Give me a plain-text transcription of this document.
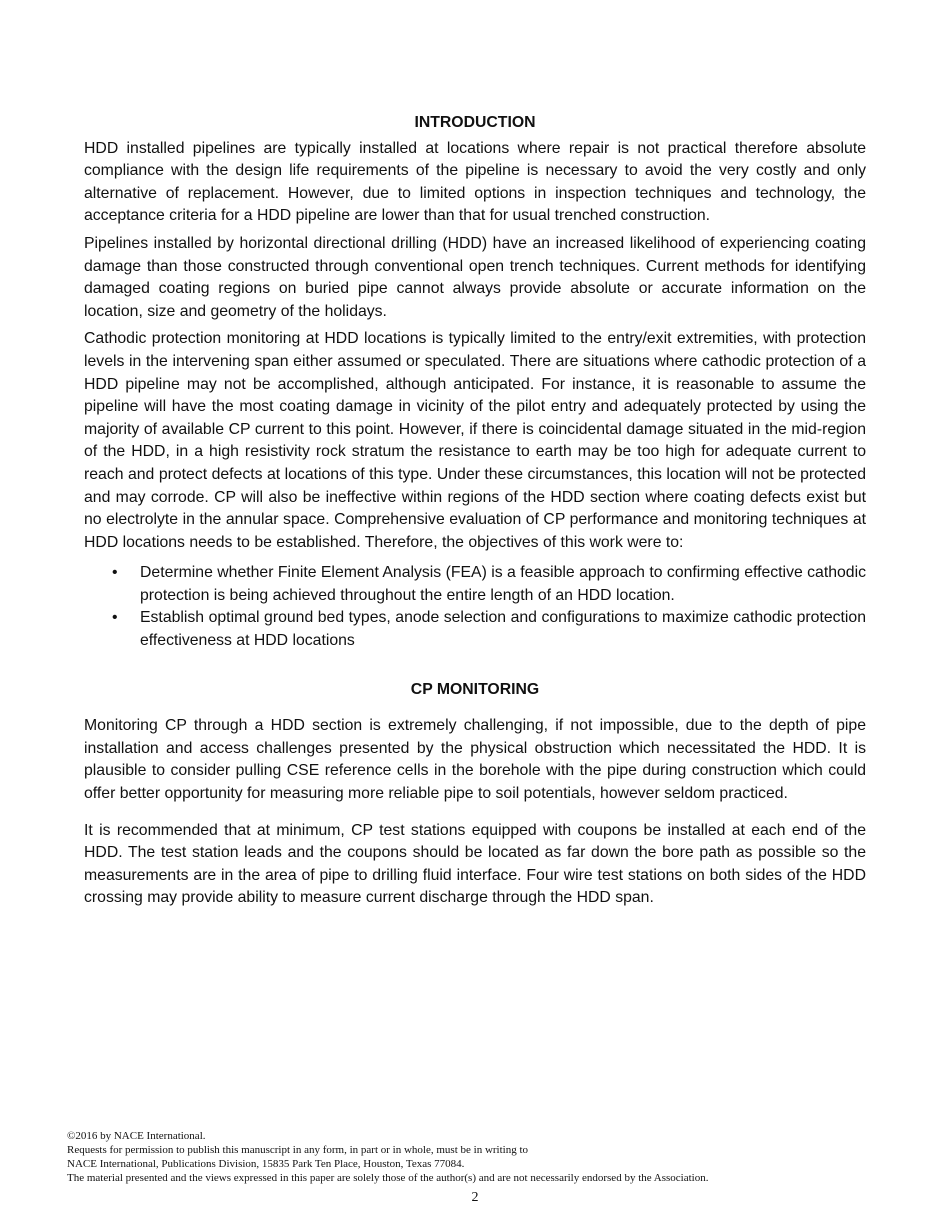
INTRODUCTION

HDD installed pipelines are typically installed at locations where repair is not practical therefore absolute compliance with the design life requirements of the pipeline is necessary to avoid the very costly and only alternative of replacement. However, due to limited options in inspection techniques and technology, the acceptance criteria for a HDD pipeline are lower than that for usual trenched construction.

Pipelines installed by horizontal directional drilling (HDD) have an increased likelihood of experiencing coating damage than those constructed through conventional open trench techniques. Current methods for identifying damaged coating regions on buried pipe cannot always provide absolute or accurate information on the location, size and geometry of the holidays.

Cathodic protection monitoring at HDD locations is typically limited to the entry/exit extremities, with protection levels in the intervening span either assumed or speculated. There are situations where cathodic protection of a HDD pipeline may not be accomplished, although anticipated. For instance, it is reasonable to assume the pipeline will have the most coating damage in vicinity of the pilot entry and adequately protected by using the majority of available CP current to this point. However, if there is coincidental damage situated in the mid-region of the HDD, in a high resistivity rock stratum the resistance to earth may be too high for adequate current to reach and protect defects at locations of this type. Under these circumstances, this location will not be protected and may corrode. CP will also be ineffective within regions of the HDD section where coating defects exist but no electrolyte in the annular space. Comprehensive evaluation of CP performance and monitoring techniques at HDD locations needs to be established. Therefore, the objectives of this work were to:

• Determine whether Finite Element Analysis (FEA) is a feasible approach to confirming effective cathodic protection is being achieved throughout the entire length of an HDD location.
• Establish optimal ground bed types, anode selection and configurations to maximize cathodic protection effectiveness at HDD locations
CP MONITORING

Monitoring CP through a HDD section is extremely challenging, if not impossible, due to the depth of pipe installation and access challenges presented by the physical obstruction which necessitated the HDD. It is plausible to consider pulling CSE reference cells in the borehole with the pipe during construction which could offer better opportunity for measuring more reliable pipe to soil potentials, however seldom practiced.

It is recommended that at minimum, CP test stations equipped with coupons be installed at each end of the HDD. The test station leads and the coupons should be located as far down the bore path as possible so the measurements are in the area of pipe to drilling fluid interface. Four wire test stations on both sides of the HDD crossing may provide ability to measure current discharge through the HDD span.

©2016 by NACE International.
Requests for permission to publish this manuscript in any form, in part or in whole, must be in writing to
NACE International, Publications Division, 15835 Park Ten Place, Houston, Texas 77084.
The material presented and the views expressed in this paper are solely those of the author(s) and are not necessarily endorsed by the Association.
2
